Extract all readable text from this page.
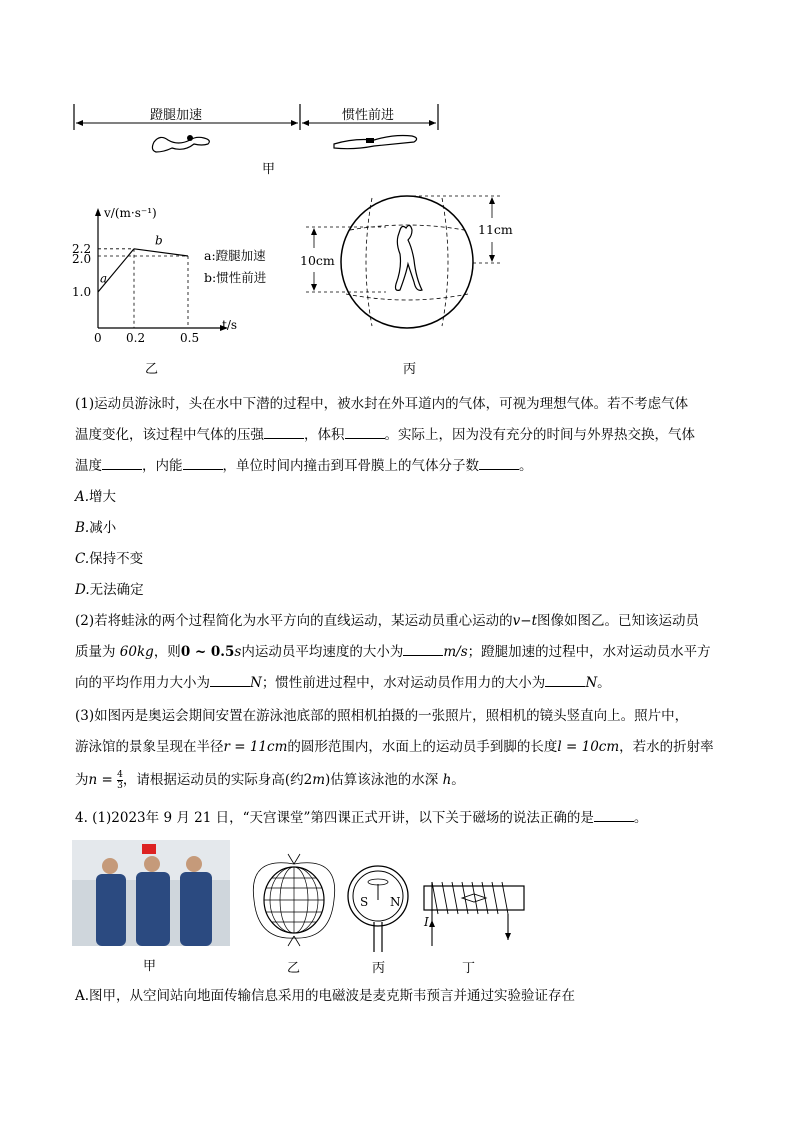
蹬腿加速	惯性前进
甲
a
b
0 0.2	0.5
1.0
2.0
2.2
v/(m·s⁻¹)
t/s
a:蹬腿加速
b:惯性前进
乙
10cm
11cm
丙
(1)运动员游泳时，头在水中下潜的过程中，被水封在外耳道内的气体，可视为理想气体。若不考虑气体
温度变化，该过程中气体的压强	，体积	。实际上，因为没有充分的时间与外界热交换，气体
温度	，内能	，单位时间内撞击到耳骨膜上的气体分子数	。
A.增大
B.减小
C.保持不变
D.无法确定
(2)若将蛙泳的两个过程简化为水平方向的直线运动，某运动员重心运动的v−t图像如图乙。已知该运动员
质量为 60kg，则0 ~ 0.5s内运动员平均速度的大小为	m/s；蹬腿加速的过程中，水对运动员水平方
向的平均作用力大小为	N；惯性前进过程中，水对运动员作用力的大小为	N。
(3)如图丙是奥运会期间安置在游泳池底部的照相机拍摄的一张照片，照相机的镜头竖直向上。照片中，
游泳馆的景象呈现在半径r = 11cm的圆形范围内，水面上的运动员手到脚的长度l = 10cm，若水的折射率
为$n = \frac{4}{3}$ ，请根据运动员的实际身高(约2m)估算该泳池的水深 h。
4. (1)2023年 9 月 21 日，“天宫课堂”第四课正式开讲，以下关于磁场的说法正确的是	。
甲	乙
S N
丙
I
丁
A.图甲，从空间站向地面传输信息采用的电磁波是麦克斯韦预言并通过实验验证存在
